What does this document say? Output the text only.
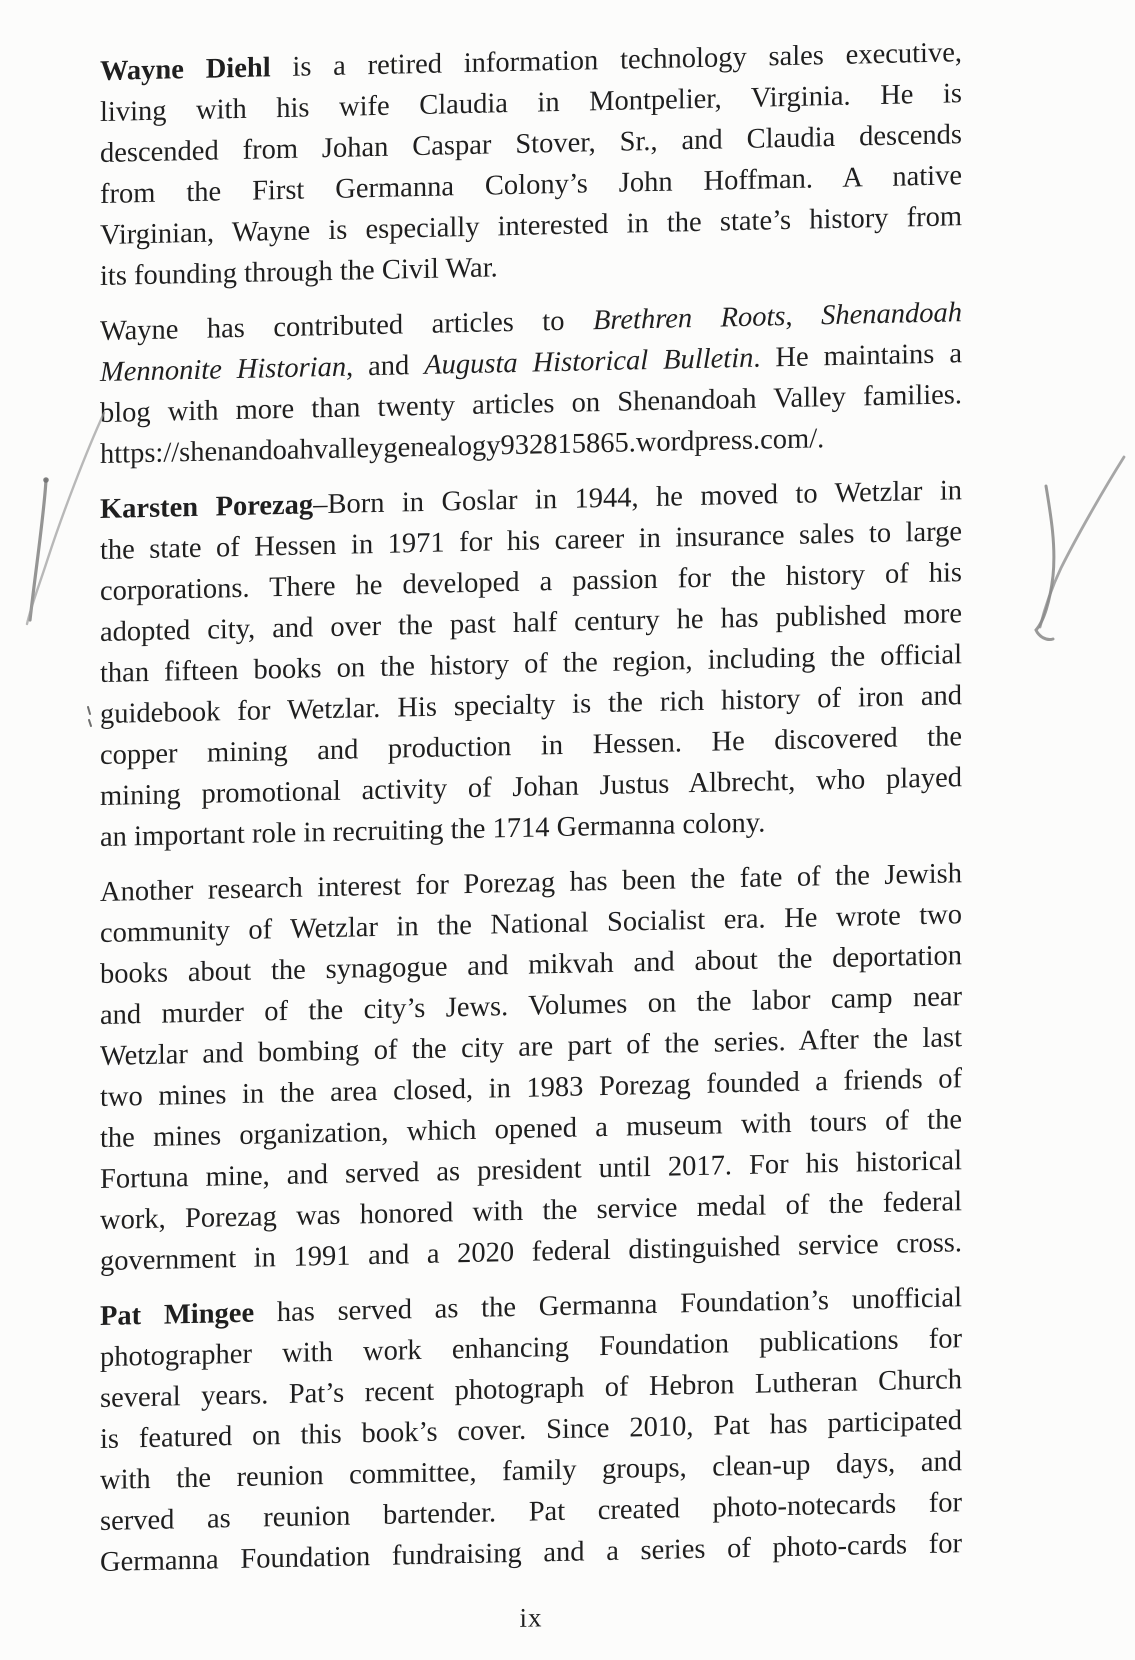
Wayne Diehl is a retired information technology sales executive,
living with his wife Claudia in Montpelier, Virginia. He is
descended from Johan Caspar Stover, Sr., and Claudia descends
from the First Germanna Colony’s John Hoffman. A native
Virginian, Wayne is especially interested in the state’s history from
its founding through the Civil War.
Wayne has contributed articles to Brethren Roots, Shenandoah
Mennonite Historian, and Augusta Historical Bulletin. He maintains a
blog with more than twenty articles on Shenandoah Valley families.
https://shenandoahvalleygenealogy932815865.wordpress.com/.
Karsten Porezag–Born in Goslar in 1944, he moved to Wetzlar in
the state of Hessen in 1971 for his career in insurance sales to large
corporations. There he developed a passion for the history of his
adopted city, and over the past half century he has published more
than fifteen books on the history of the region, including the official
guidebook for Wetzlar. His specialty is the rich history of iron and
copper mining and production in Hessen. He discovered the
mining promotional activity of Johan Justus Albrecht, who played
an important role in recruiting the 1714 Germanna colony.
Another research interest for Porezag has been the fate of the Jewish
community of Wetzlar in the National Socialist era. He wrote two
books about the synagogue and mikvah and about the deportation
and murder of the city’s Jews. Volumes on the labor camp near
Wetzlar and bombing of the city are part of the series. After the last
two mines in the area closed, in 1983 Porezag founded a friends of
the mines organization, which opened a museum with tours of the
Fortuna mine, and served as president until 2017. For his historical
work, Porezag was honored with the service medal of the federal
government in 1991 and a 2020 federal distinguished service cross.
Pat Mingee has served as the Germanna Foundation’s unofficial
photographer with work enhancing Foundation publications for
several years. Pat’s recent photograph of Hebron Lutheran Church
is featured on this book’s cover. Since 2010, Pat has participated
with the reunion committee, family groups, clean-up days, and
served as reunion bartender. Pat created photo-notecards for
Germanna Foundation fundraising and a series of photo-cards for
ix
